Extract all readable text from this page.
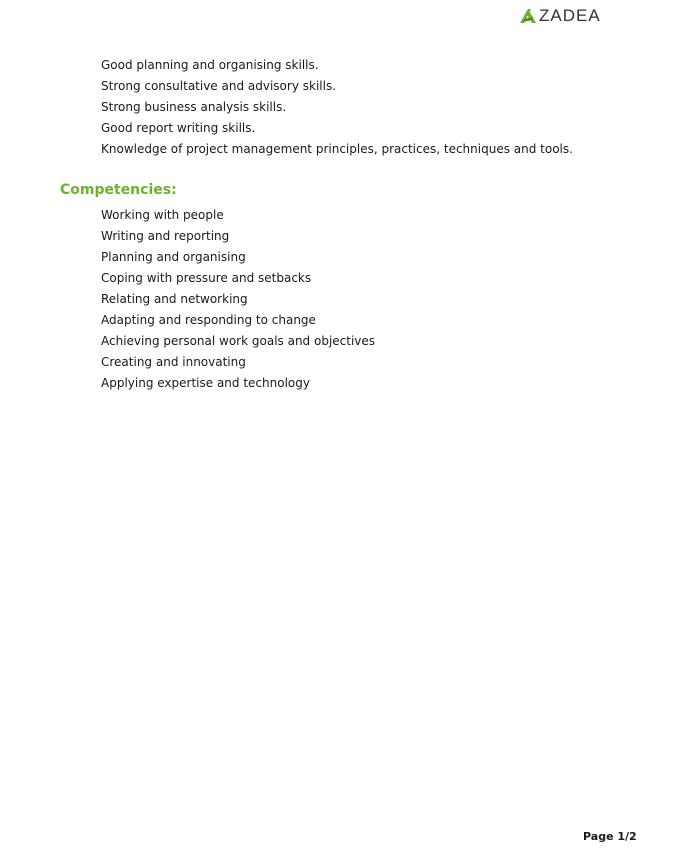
ZADEA
Good planning and organising skills.
Strong consultative and advisory skills.
Strong business analysis skills.
Good report writing skills.
Knowledge of project management principles, practices, techniques and tools.
Competencies:
Working with people
Writing and reporting
Planning and organising
Coping with pressure and setbacks
Relating and networking
Adapting and responding to change
Achieving personal work goals and objectives
Creating and innovating
Applying expertise and technology
Page 1/2
